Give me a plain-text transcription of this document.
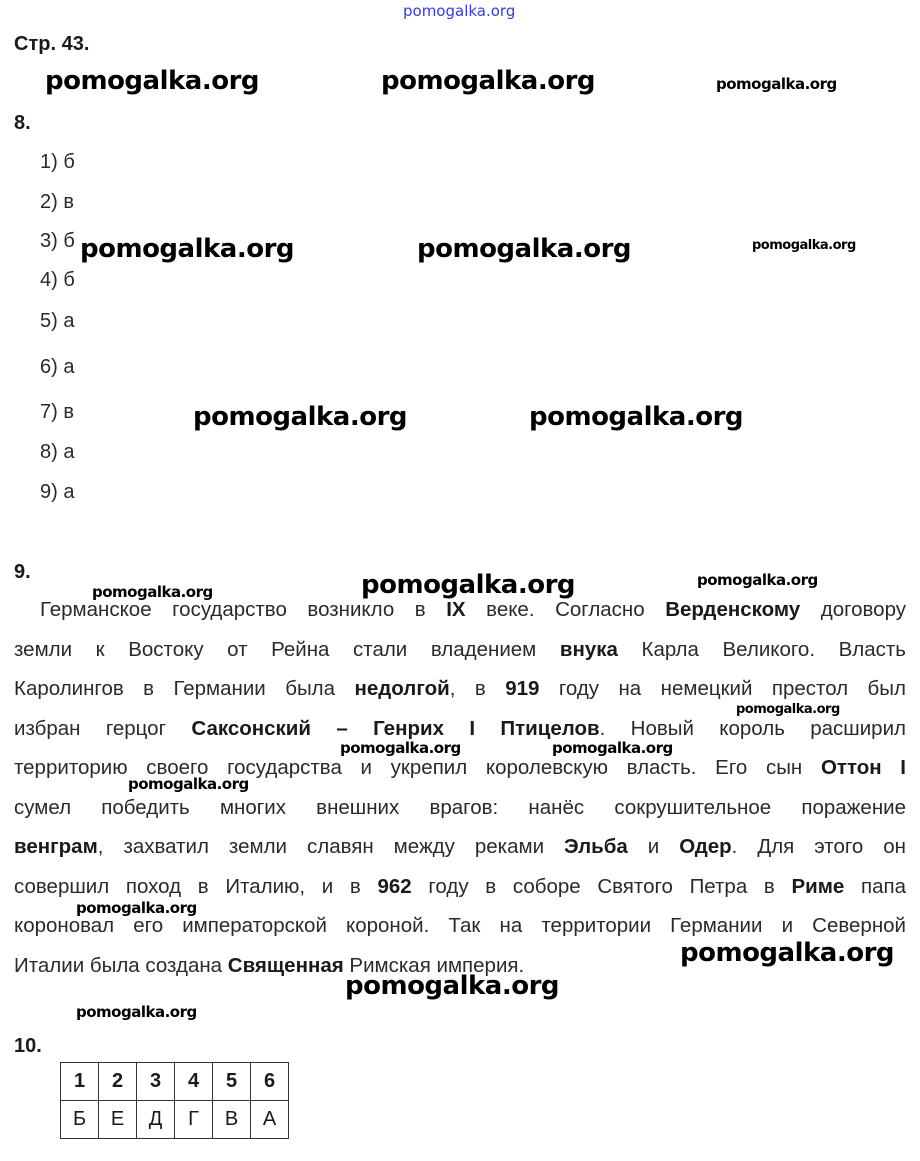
pomogalka.org
Стр. 43.
pomogalka.org	pomogalka.org	pomogalka.org
8.
1) б
2) в
3) б
4) б
5) а
6) а
7) в
8) а
9) а
pomogalka.org	pomogalka.org	pomogalka.org
pomogalka.org	pomogalka.org
9.
Германское государство возникло в IX веке. Согласно Верденскому договору
земли к Востоку от Рейна стали владением внука Карла Великого. Власть
Каролингов в Германии была недолгой, в 919 году на немецкий престол был
избран герцог Саксонский – Генрих I Птицелов. Новый король расширил
территорию своего государства и укрепил королевскую власть. Его сын Оттон I
сумел победить многих внешних врагов: нанёс сокрушительное поражение
венграм, захватил земли славян между реками Эльба и Одер. Для этого он
совершил поход в Италию, и в 962 году в соборе Святого Петра в Риме папа
короновал его императорской короной. Так на территории Германии и Северной
Италии была создана Священная Римская империя.
pomogalka.org	pomogalka.org	pomogalka.org
pomogalka.org
pomogalka.org	pomogalka.org
pomogalka.org
pomogalka.org
pomogalka.org
pomogalka.org
pomogalka.org
10.
1	2	3	4	5	6
Б	Е	Д	Г	В	А
